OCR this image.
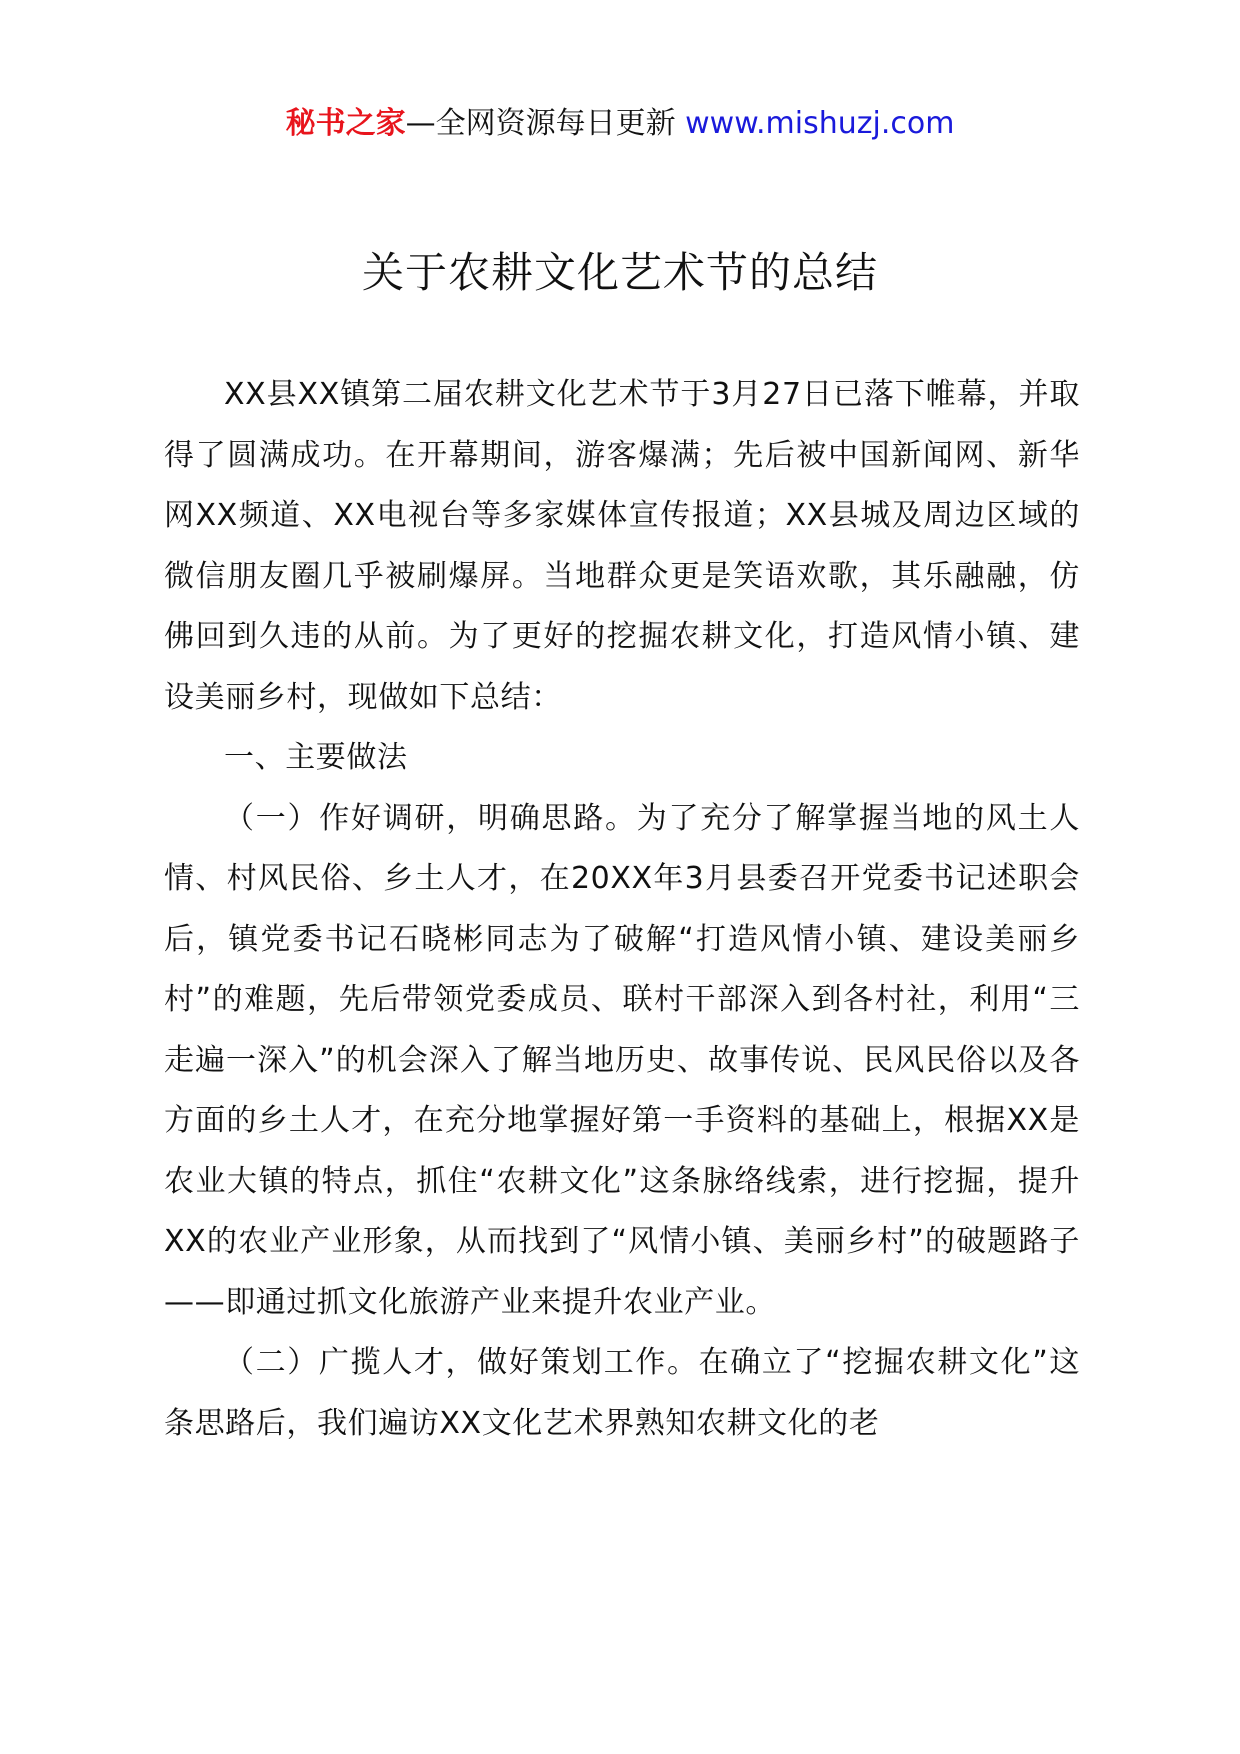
秘书之家—全网资源每日更新 www.mishuzj.com
关于农耕文化艺术节的总结

XX县XX镇第二届农耕文化艺术节于3月27日已落下帷幕，并取得了圆满成功。在开幕期间，游客爆满；先后被中国新闻网、新华网XX频道、XX电视台等多家媒体宣传报道；XX县城及周边区域的微信朋友圈几乎被刷爆屏。当地群众更是笑语欢歌，其乐融融，仿佛回到久违的从前。为了更好的挖掘农耕文化，打造风情小镇、建设美丽乡村，现做如下总结：

一、主要做法

（一）作好调研，明确思路。为了充分了解掌握当地的风土人情、村风民俗、乡土人才，在20XX年3月县委召开党委书记述职会后，镇党委书记石晓彬同志为了破解“打造风情小镇、建设美丽乡村”的难题，先后带领党委成员、联村干部深入到各村社，利用“三走遍一深入”的机会深入了解当地历史、故事传说、民风民俗以及各方面的乡土人才，在充分地掌握好第一手资料的基础上，根据XX是农业大镇的特点，抓住“农耕文化”这条脉络线索，进行挖掘，提升XX的农业产业形象，从而找到了“风情小镇、美丽乡村”的破题路子——即通过抓文化旅游产业来提升农业产业。

（二）广揽人才，做好策划工作。在确立了“挖掘农耕文化”这条思路后，我们遍访XX文化艺术界熟知农耕文化的老
